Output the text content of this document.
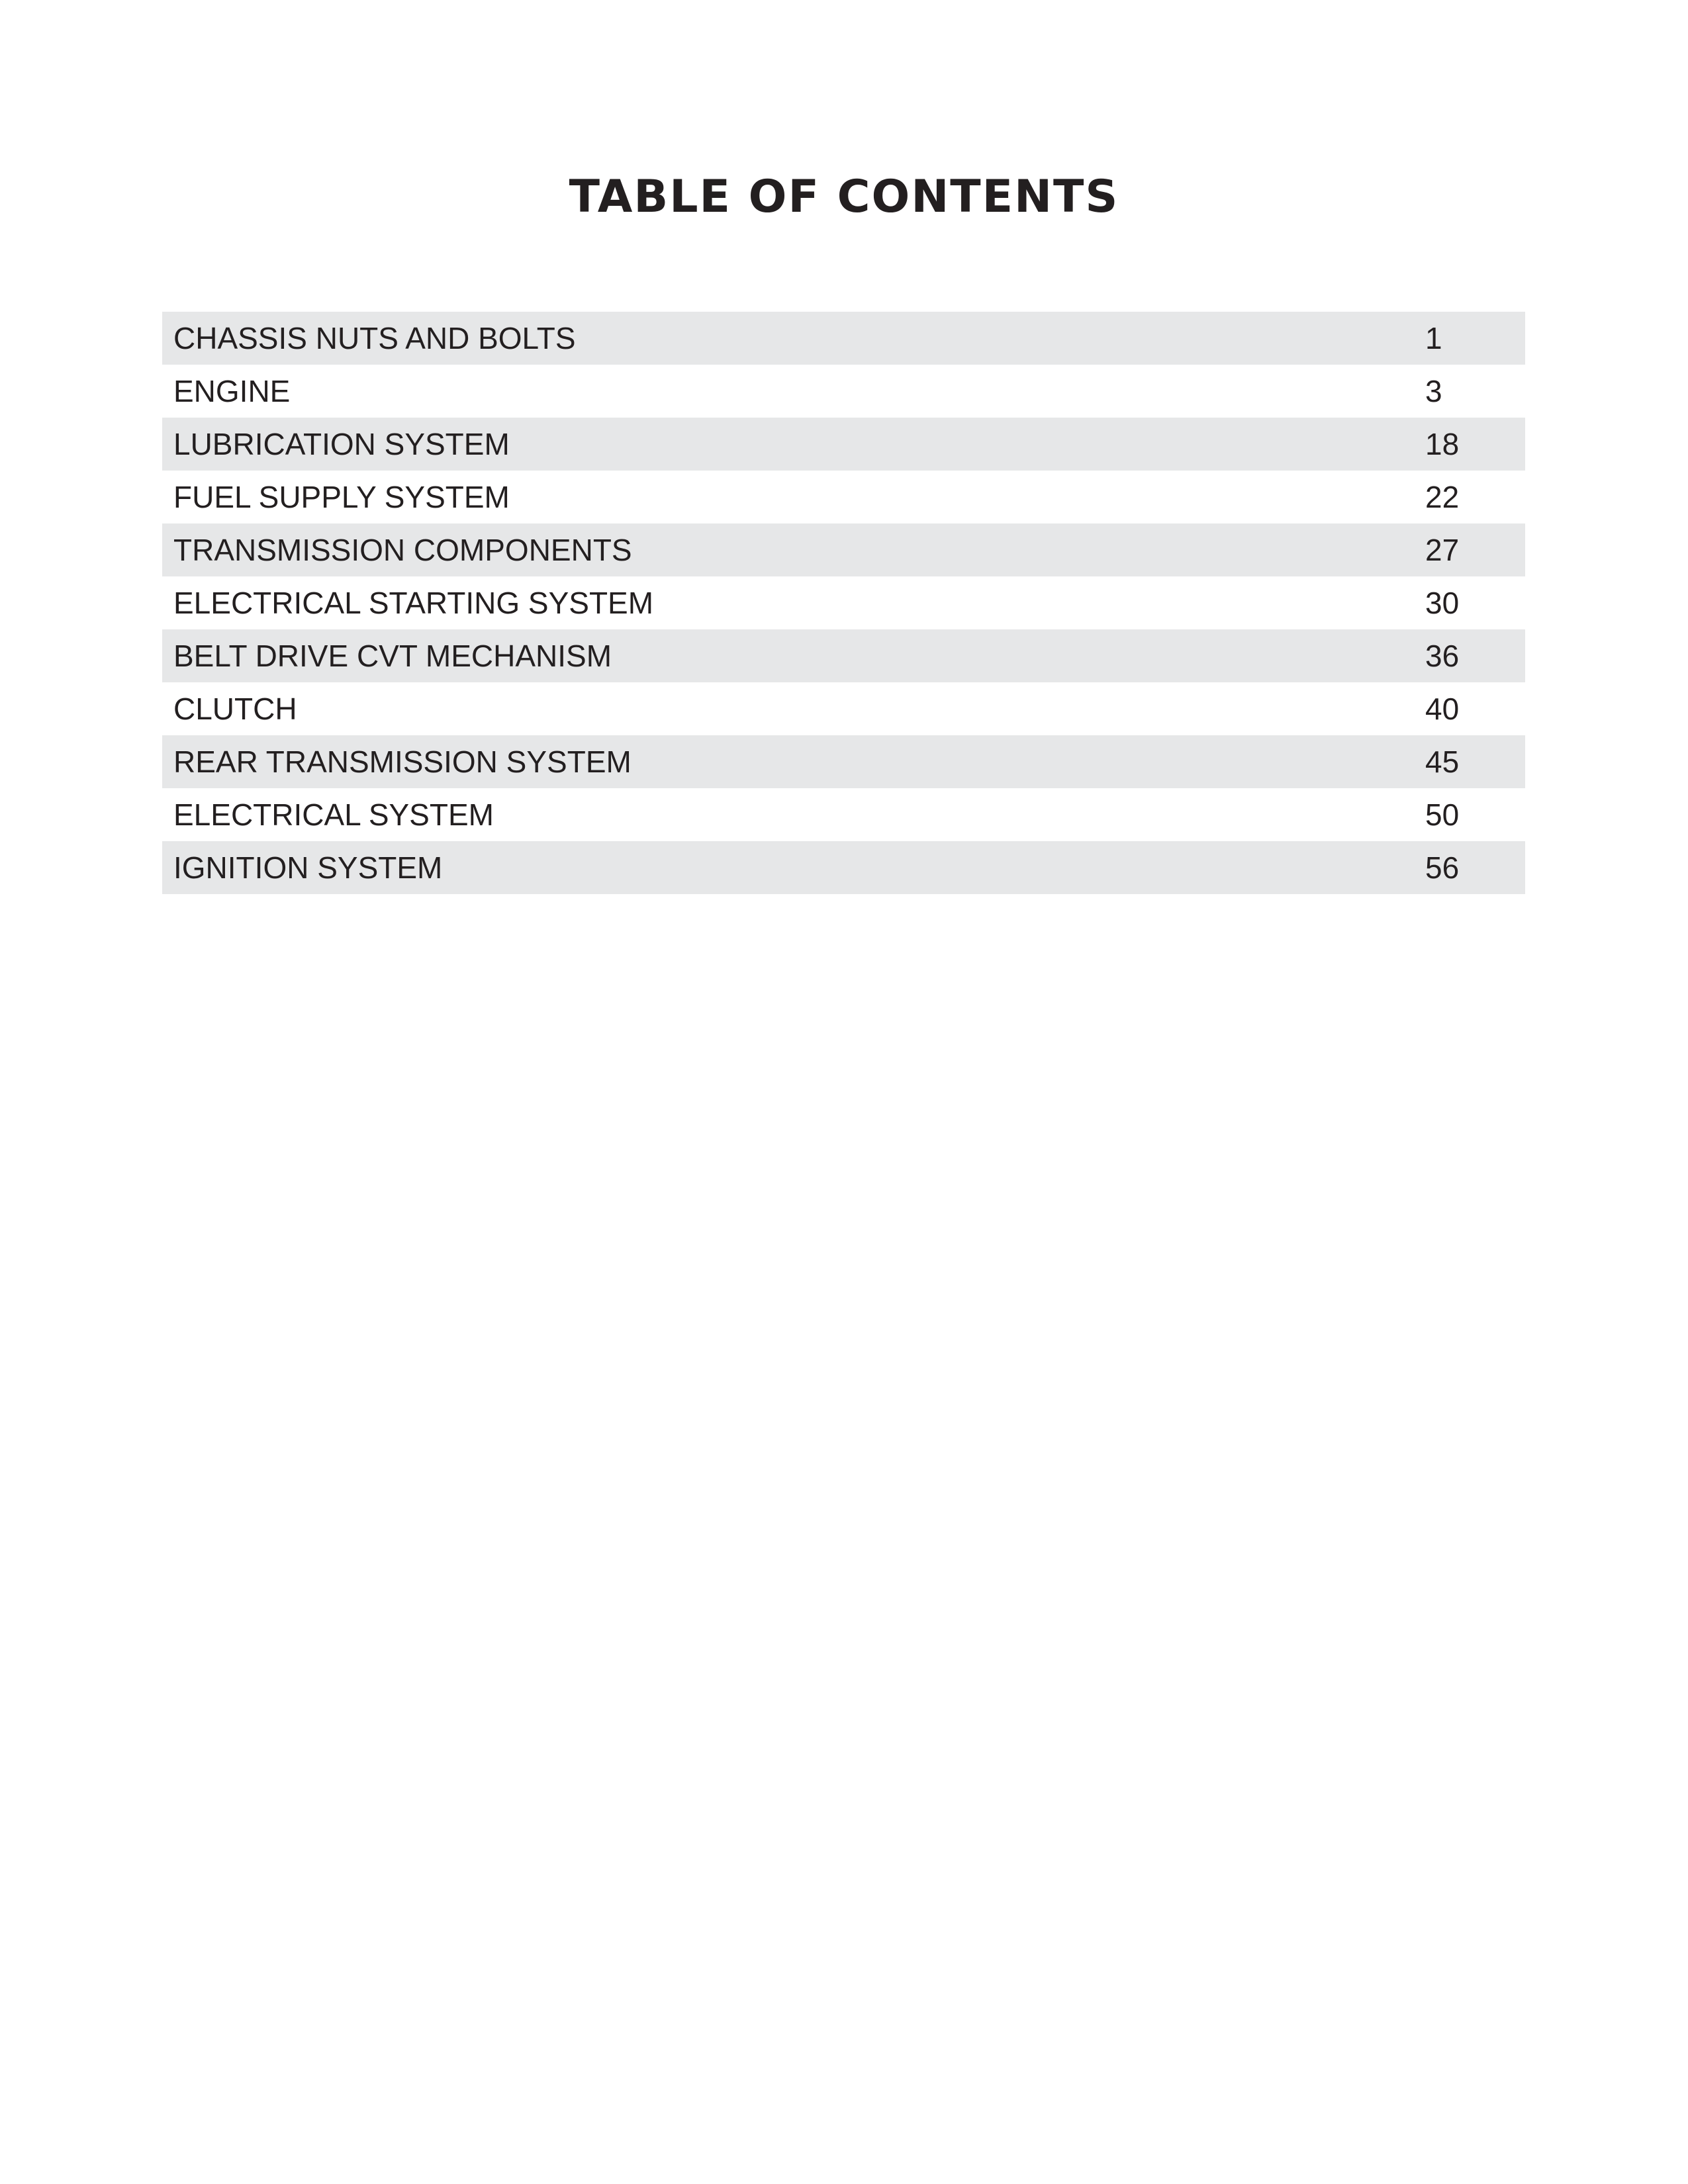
TABLE OF CONTENTS
CHASSIS NUTS AND BOLTS	1
ENGINE	3
LUBRICATION SYSTEM	18
FUEL SUPPLY SYSTEM	22
TRANSMISSION COMPONENTS	27
ELECTRICAL STARTING SYSTEM	30
BELT DRIVE CVT MECHANISM	36
CLUTCH	40
REAR TRANSMISSION SYSTEM	45
ELECTRICAL SYSTEM	50
IGNITION SYSTEM	56
